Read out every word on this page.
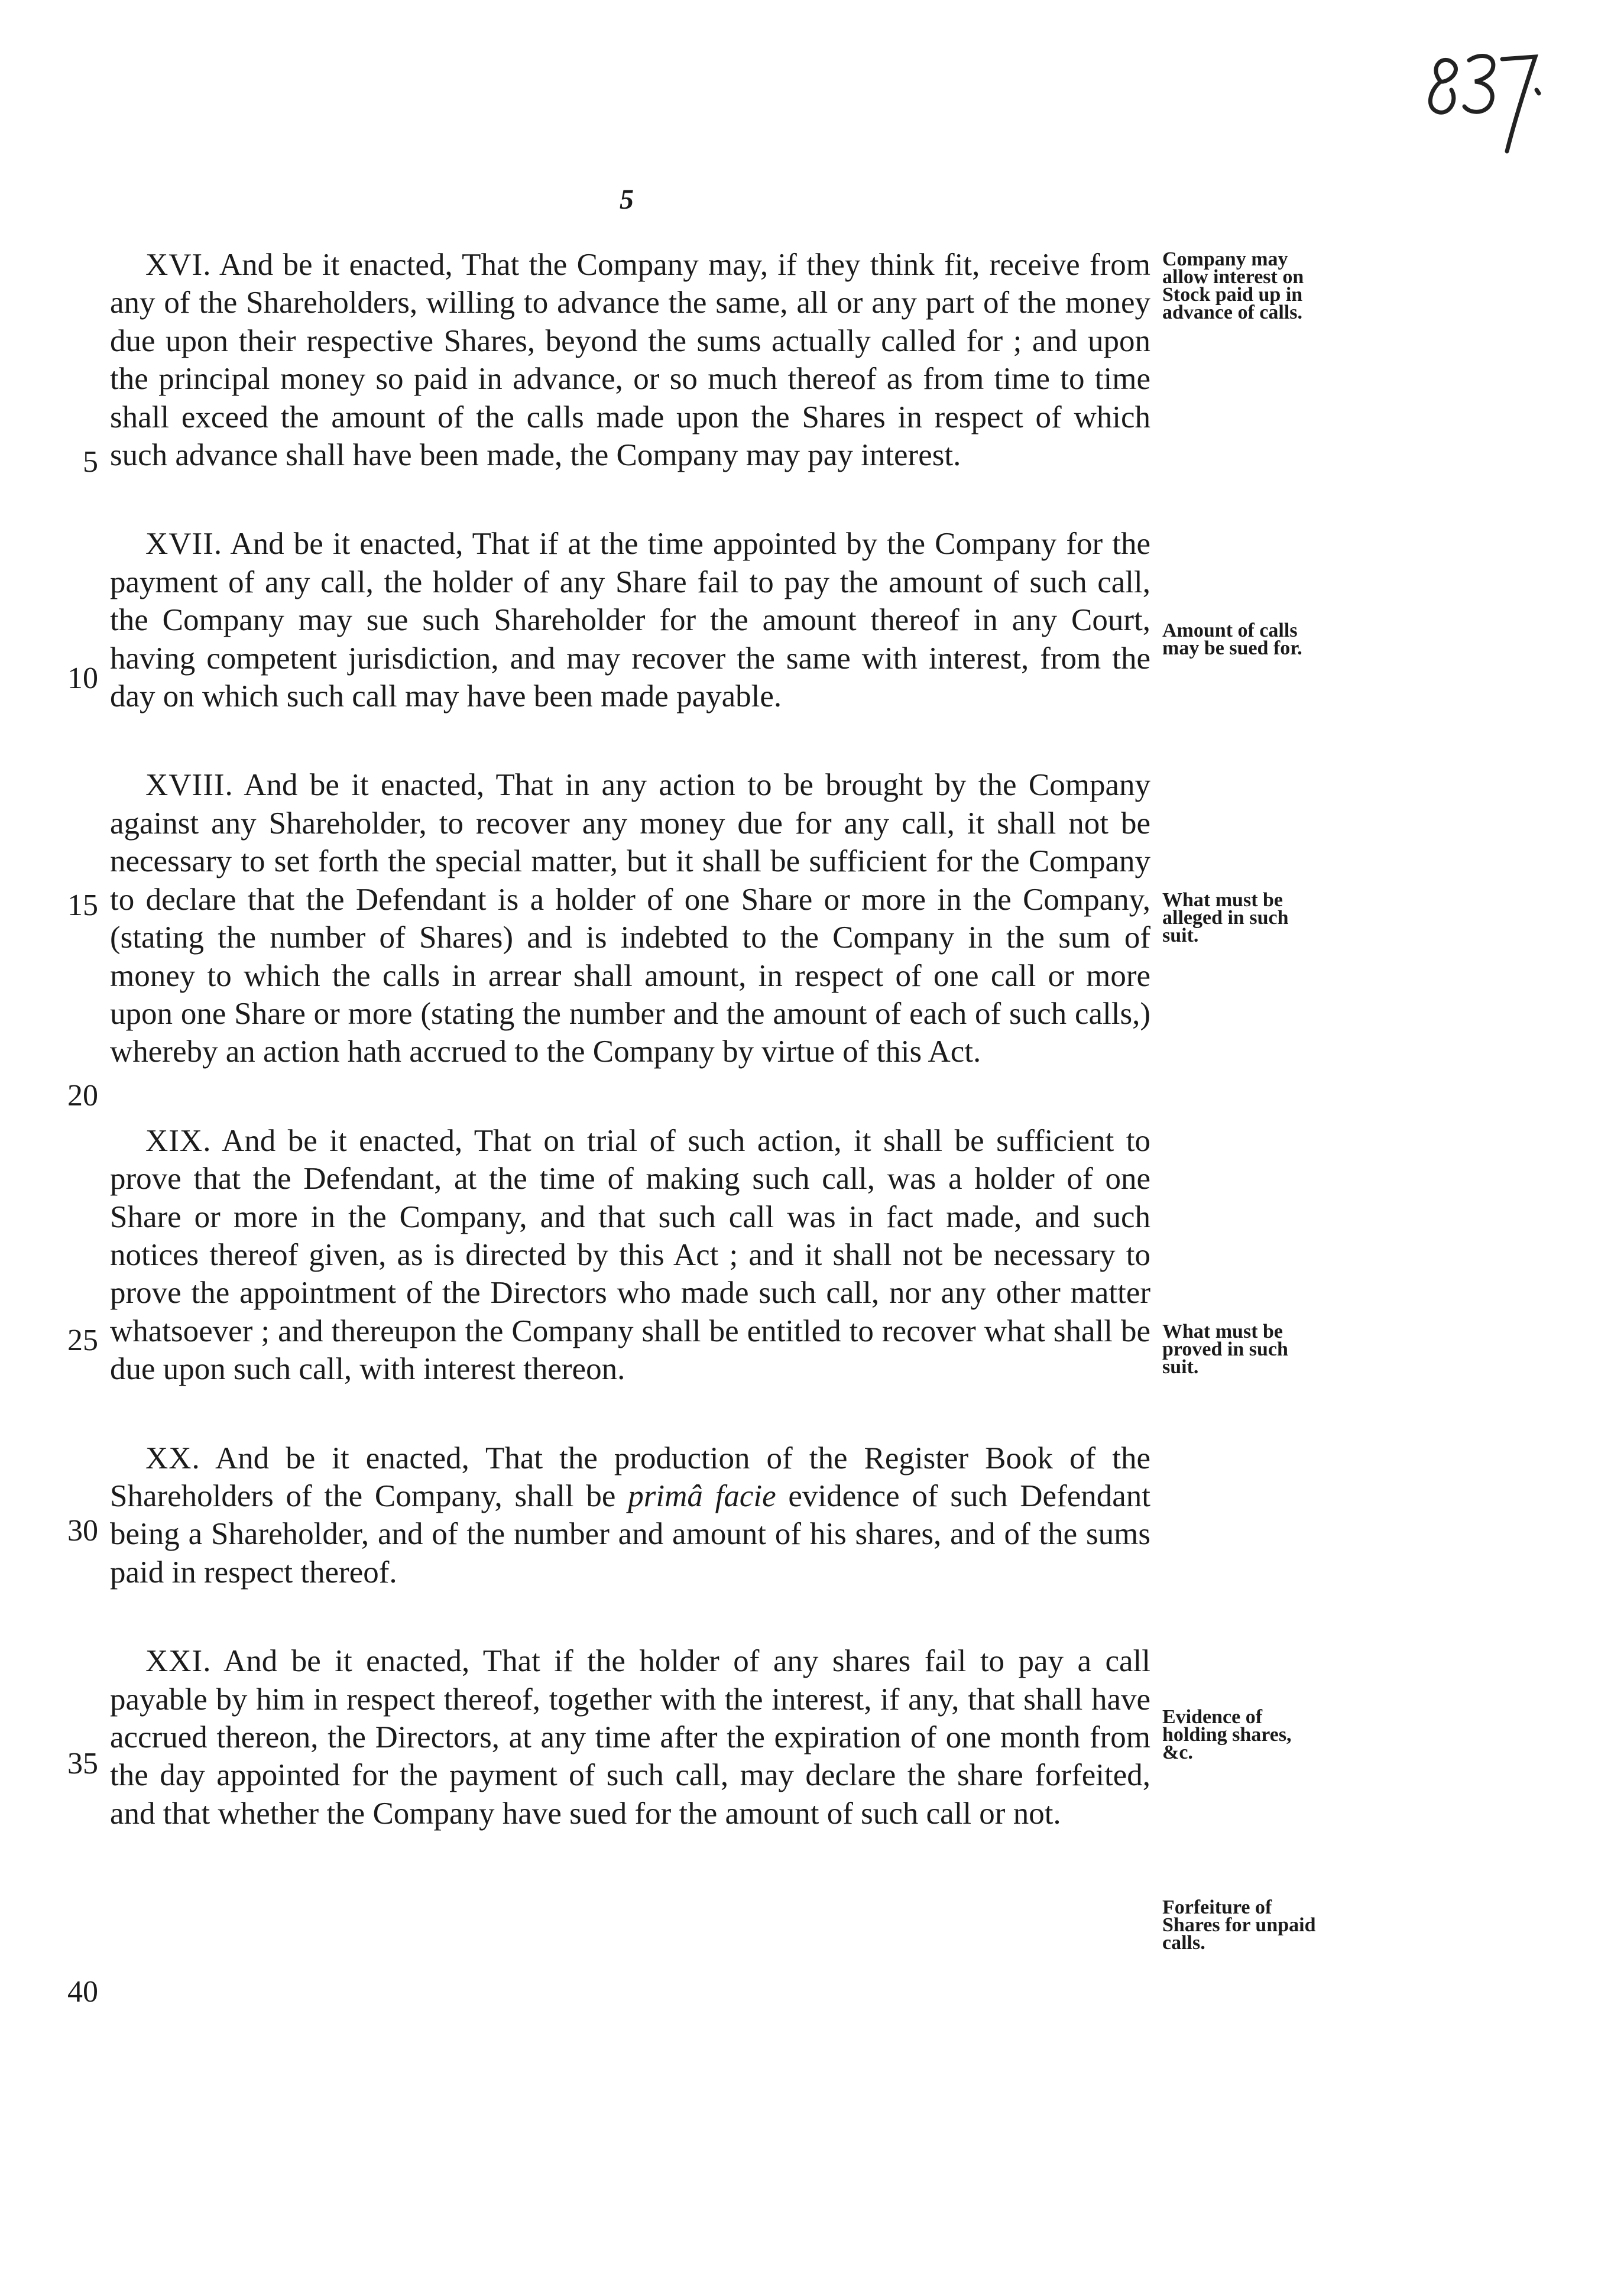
5
5
10
15
20
25
30
35
40

XVI. And be it enacted, That the Company may, if they think fit, receive from any of the Shareholders, willing to advance the same, all or any part of the money due upon their respective Shares, beyond the sums actually called for ; and upon the principal money so paid in advance, or so much thereof as from time to time shall exceed the amount of the calls made upon the Shares in respect of which such advance shall have been made, the Company may pay interest.

XVII. And be it enacted, That if at the time appointed by the Company for the payment of any call, the holder of any Share fail to pay the amount of such call, the Company may sue such Shareholder for the amount thereof in any Court, having competent jurisdiction, and may recover the same with interest, from the day on which such call may have been made payable.

XVIII. And be it enacted, That in any action to be brought by the Company against any Shareholder, to recover any money due for any call, it shall not be necessary to set forth the special matter, but it shall be sufficient for the Company to declare that the Defendant is a holder of one Share or more in the Company, (stating the number of Shares) and is indebted to the Company in the sum of money to which the calls in arrear shall amount, in respect of one call or more upon one Share or more (stating the number and the amount of each of such calls,) whereby an action hath accrued to the Company by virtue of this Act.

XIX. And be it enacted, That on trial of such action, it shall be sufficient to prove that the Defendant, at the time of making such call, was a holder of one Share or more in the Company, and that such call was in fact made, and such notices thereof given, as is directed by this Act ; and it shall not be necessary to prove the appointment of the Directors who made such call, nor any other matter whatsoever ; and thereupon the Company shall be entitled to recover what shall be due upon such call, with interest thereon.

XX. And be it enacted, That the production of the Register Book of the Shareholders of the Company, shall be primâ facie evidence of such Defendant being a Shareholder, and of the number and amount of his shares, and of the sums paid in respect thereof.

XXI. And be it enacted, That if the holder of any shares fail to pay a call payable by him in respect thereof, together with the interest, if any, that shall have accrued thereon, the Directors, at any time after the expiration of one month from the day appointed for the payment of such call, may declare the share forfeited, and that whether the Company have sued for the amount of such call or not.

Company may allow interest on Stock paid up in advance of calls.
Amount of calls may be sued for.
What must be alleged in such suit.
What must be proved in such suit.
Evidence of holding shares, &c.
Forfeiture of Shares for unpaid calls.
